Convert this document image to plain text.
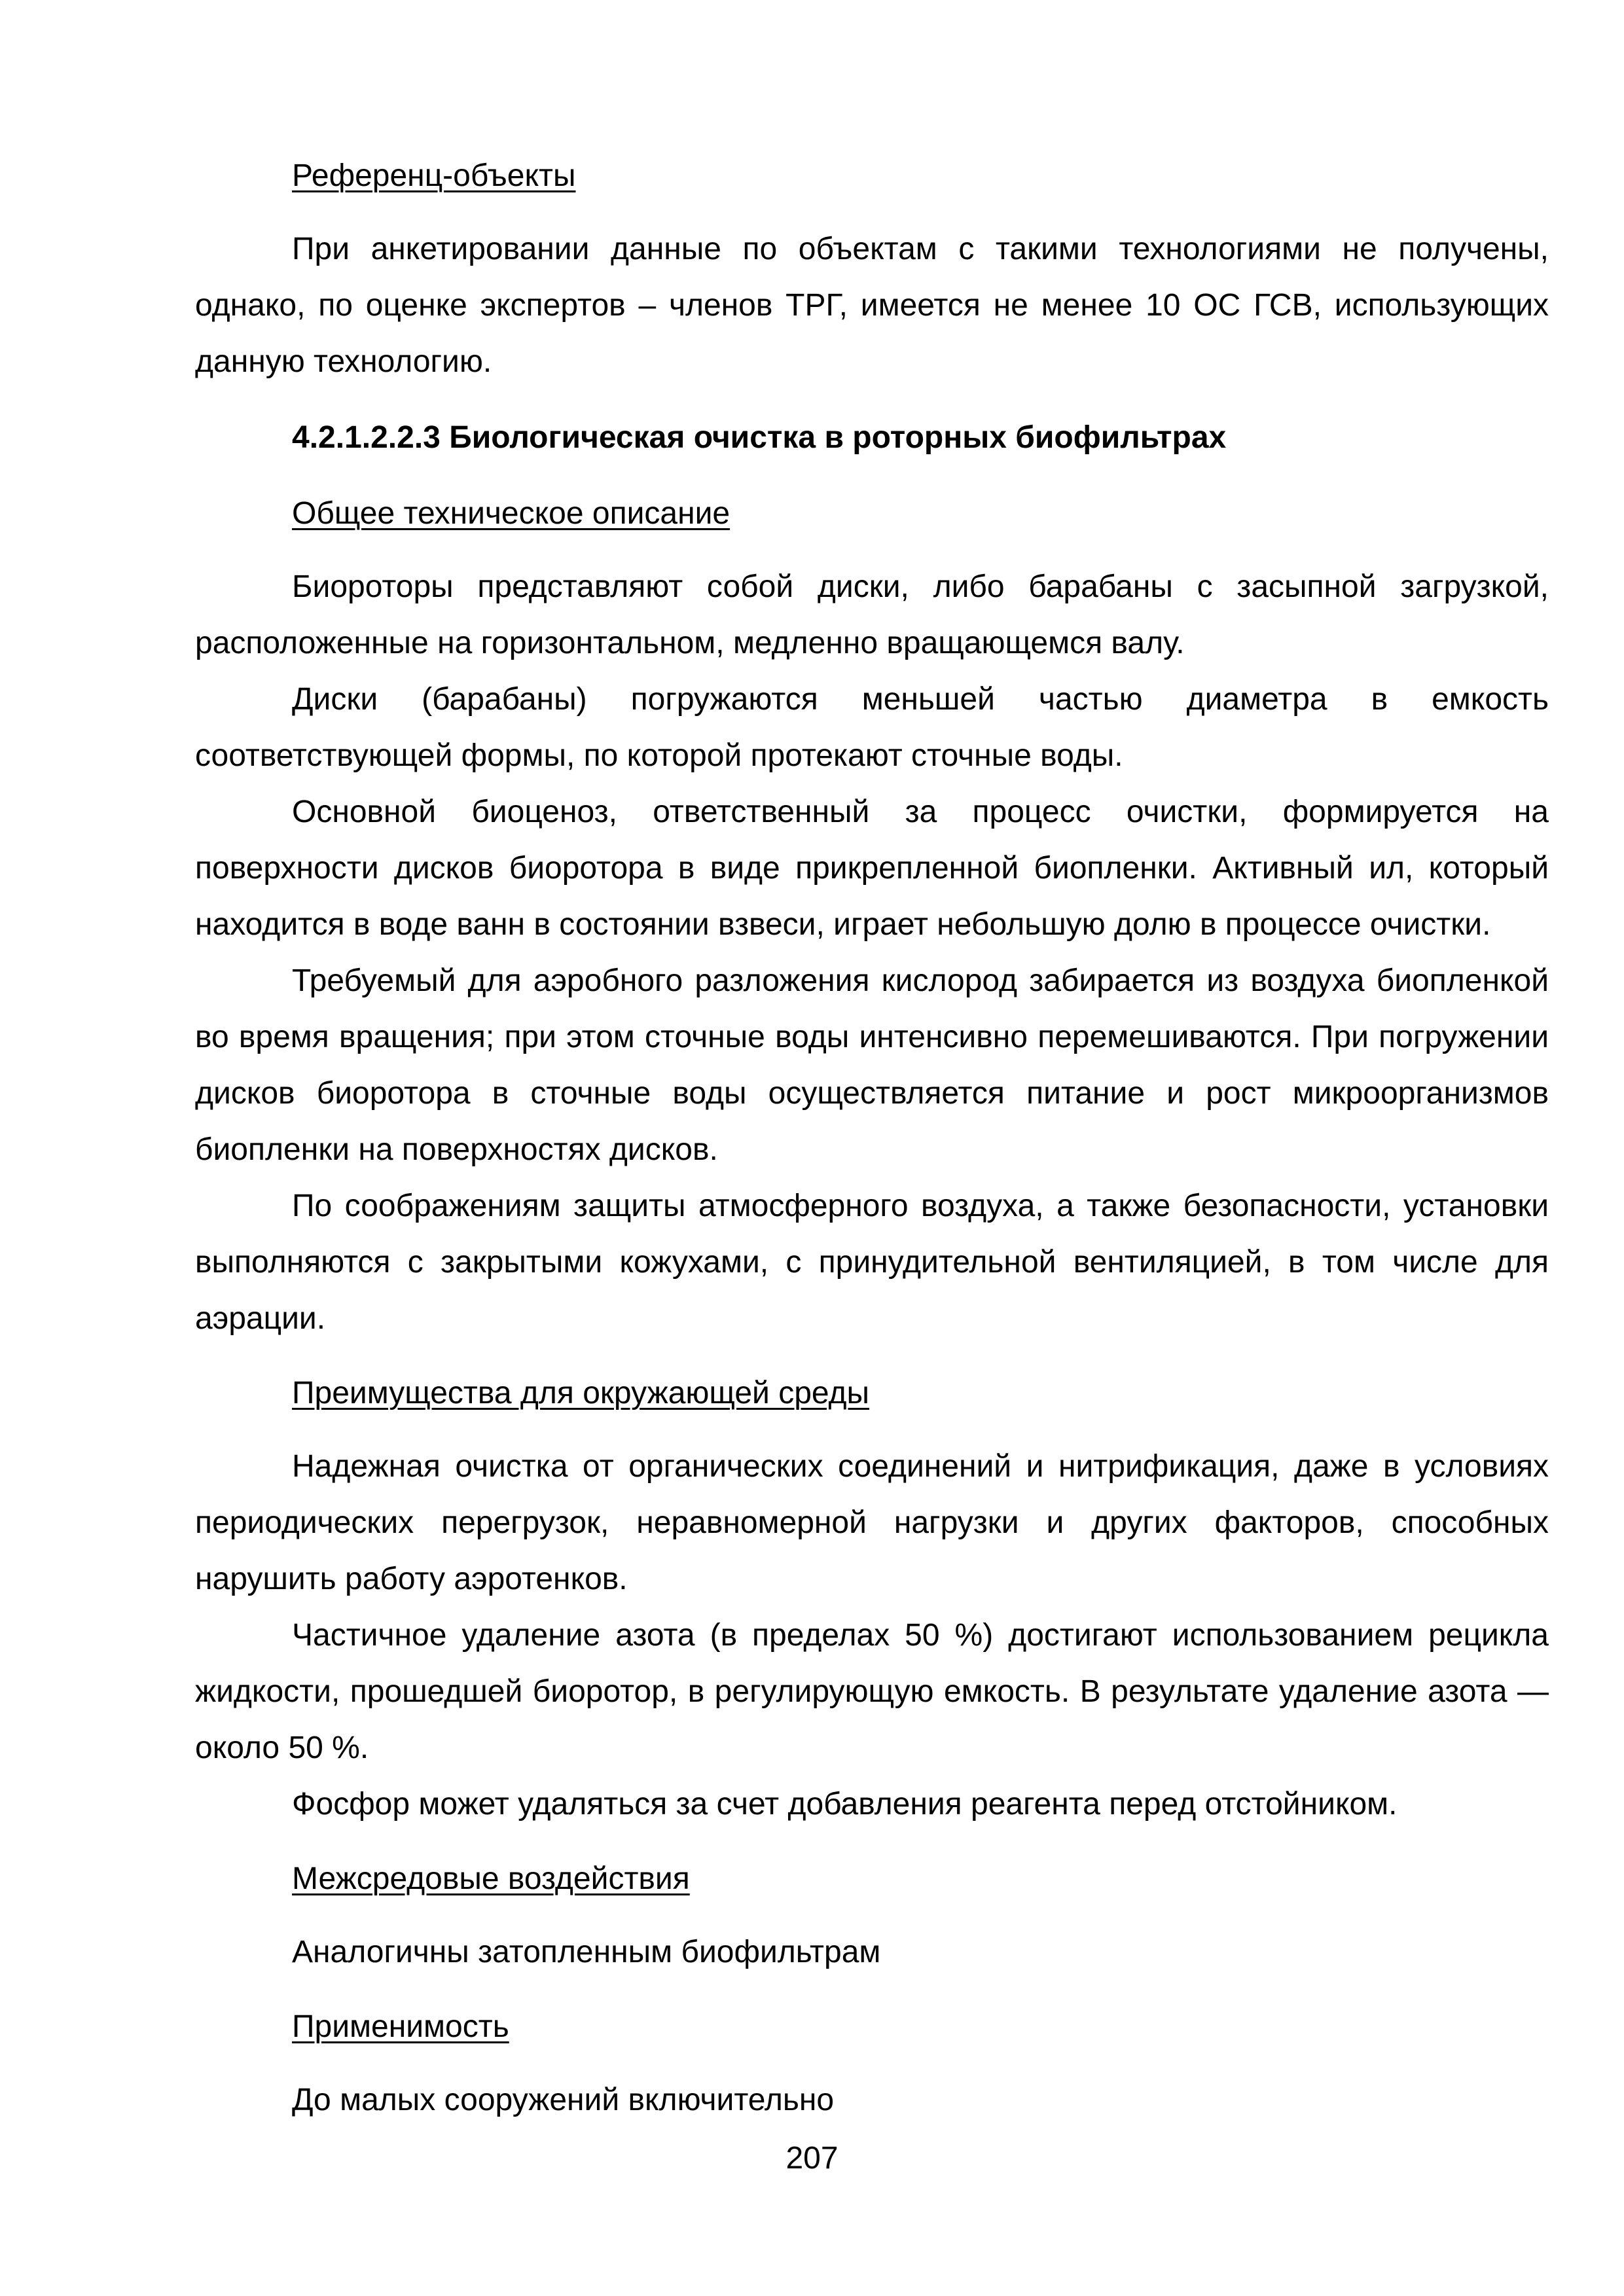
Референц-объекты

При анкетировании данные по объектам с такими технологиями не получены, однако, по оценке экспертов – членов ТРГ, имеется не менее 10 ОС ГСВ, использующих данную технологию.

4.2.1.2.2.3 Биологическая очистка в роторных биофильтрах

Общее техническое описание

Биороторы представляют собой диски, либо барабаны с засыпной загрузкой, расположенные на горизонтальном, медленно вращающемся валу.

Диски (барабаны) погружаются меньшей частью диаметра в емкость соответствующей формы, по которой протекают сточные воды.

Основной биоценоз, ответственный за процесс очистки, формируется на поверхности дисков биоротора в виде прикрепленной биопленки. Активный ил, который находится в воде ванн в состоянии взвеси, играет небольшую долю в процессе очистки.

Требуемый для аэробного разложения кислород забирается из воздуха биопленкой во время вращения; при этом сточные воды интенсивно перемешиваются. При погружении дисков биоротора в сточные воды осуществляется питание и рост микроорганизмов биопленки на поверхностях дисков.

По соображениям защиты атмосферного воздуха, а также безопасности, установки выполняются с закрытыми кожухами, с принудительной вентиляцией, в том числе для аэрации.

Преимущества для окружающей среды

Надежная очистка от органических соединений и нитрификация, даже в условиях периодических перегрузок, неравномерной нагрузки и других факторов, способных нарушить работу аэротенков.

Частичное удаление азота (в пределах 50 %) достигают использованием рецикла жидкости, прошедшей биоротор, в регулирующую емкость. В результате удаление азота — около 50 %.

Фосфор может удаляться за счет добавления реагента перед отстойником.

Межсредовые воздействия

Аналогичны затопленным биофильтрам

Применимость

До малых сооружений включительно

207
